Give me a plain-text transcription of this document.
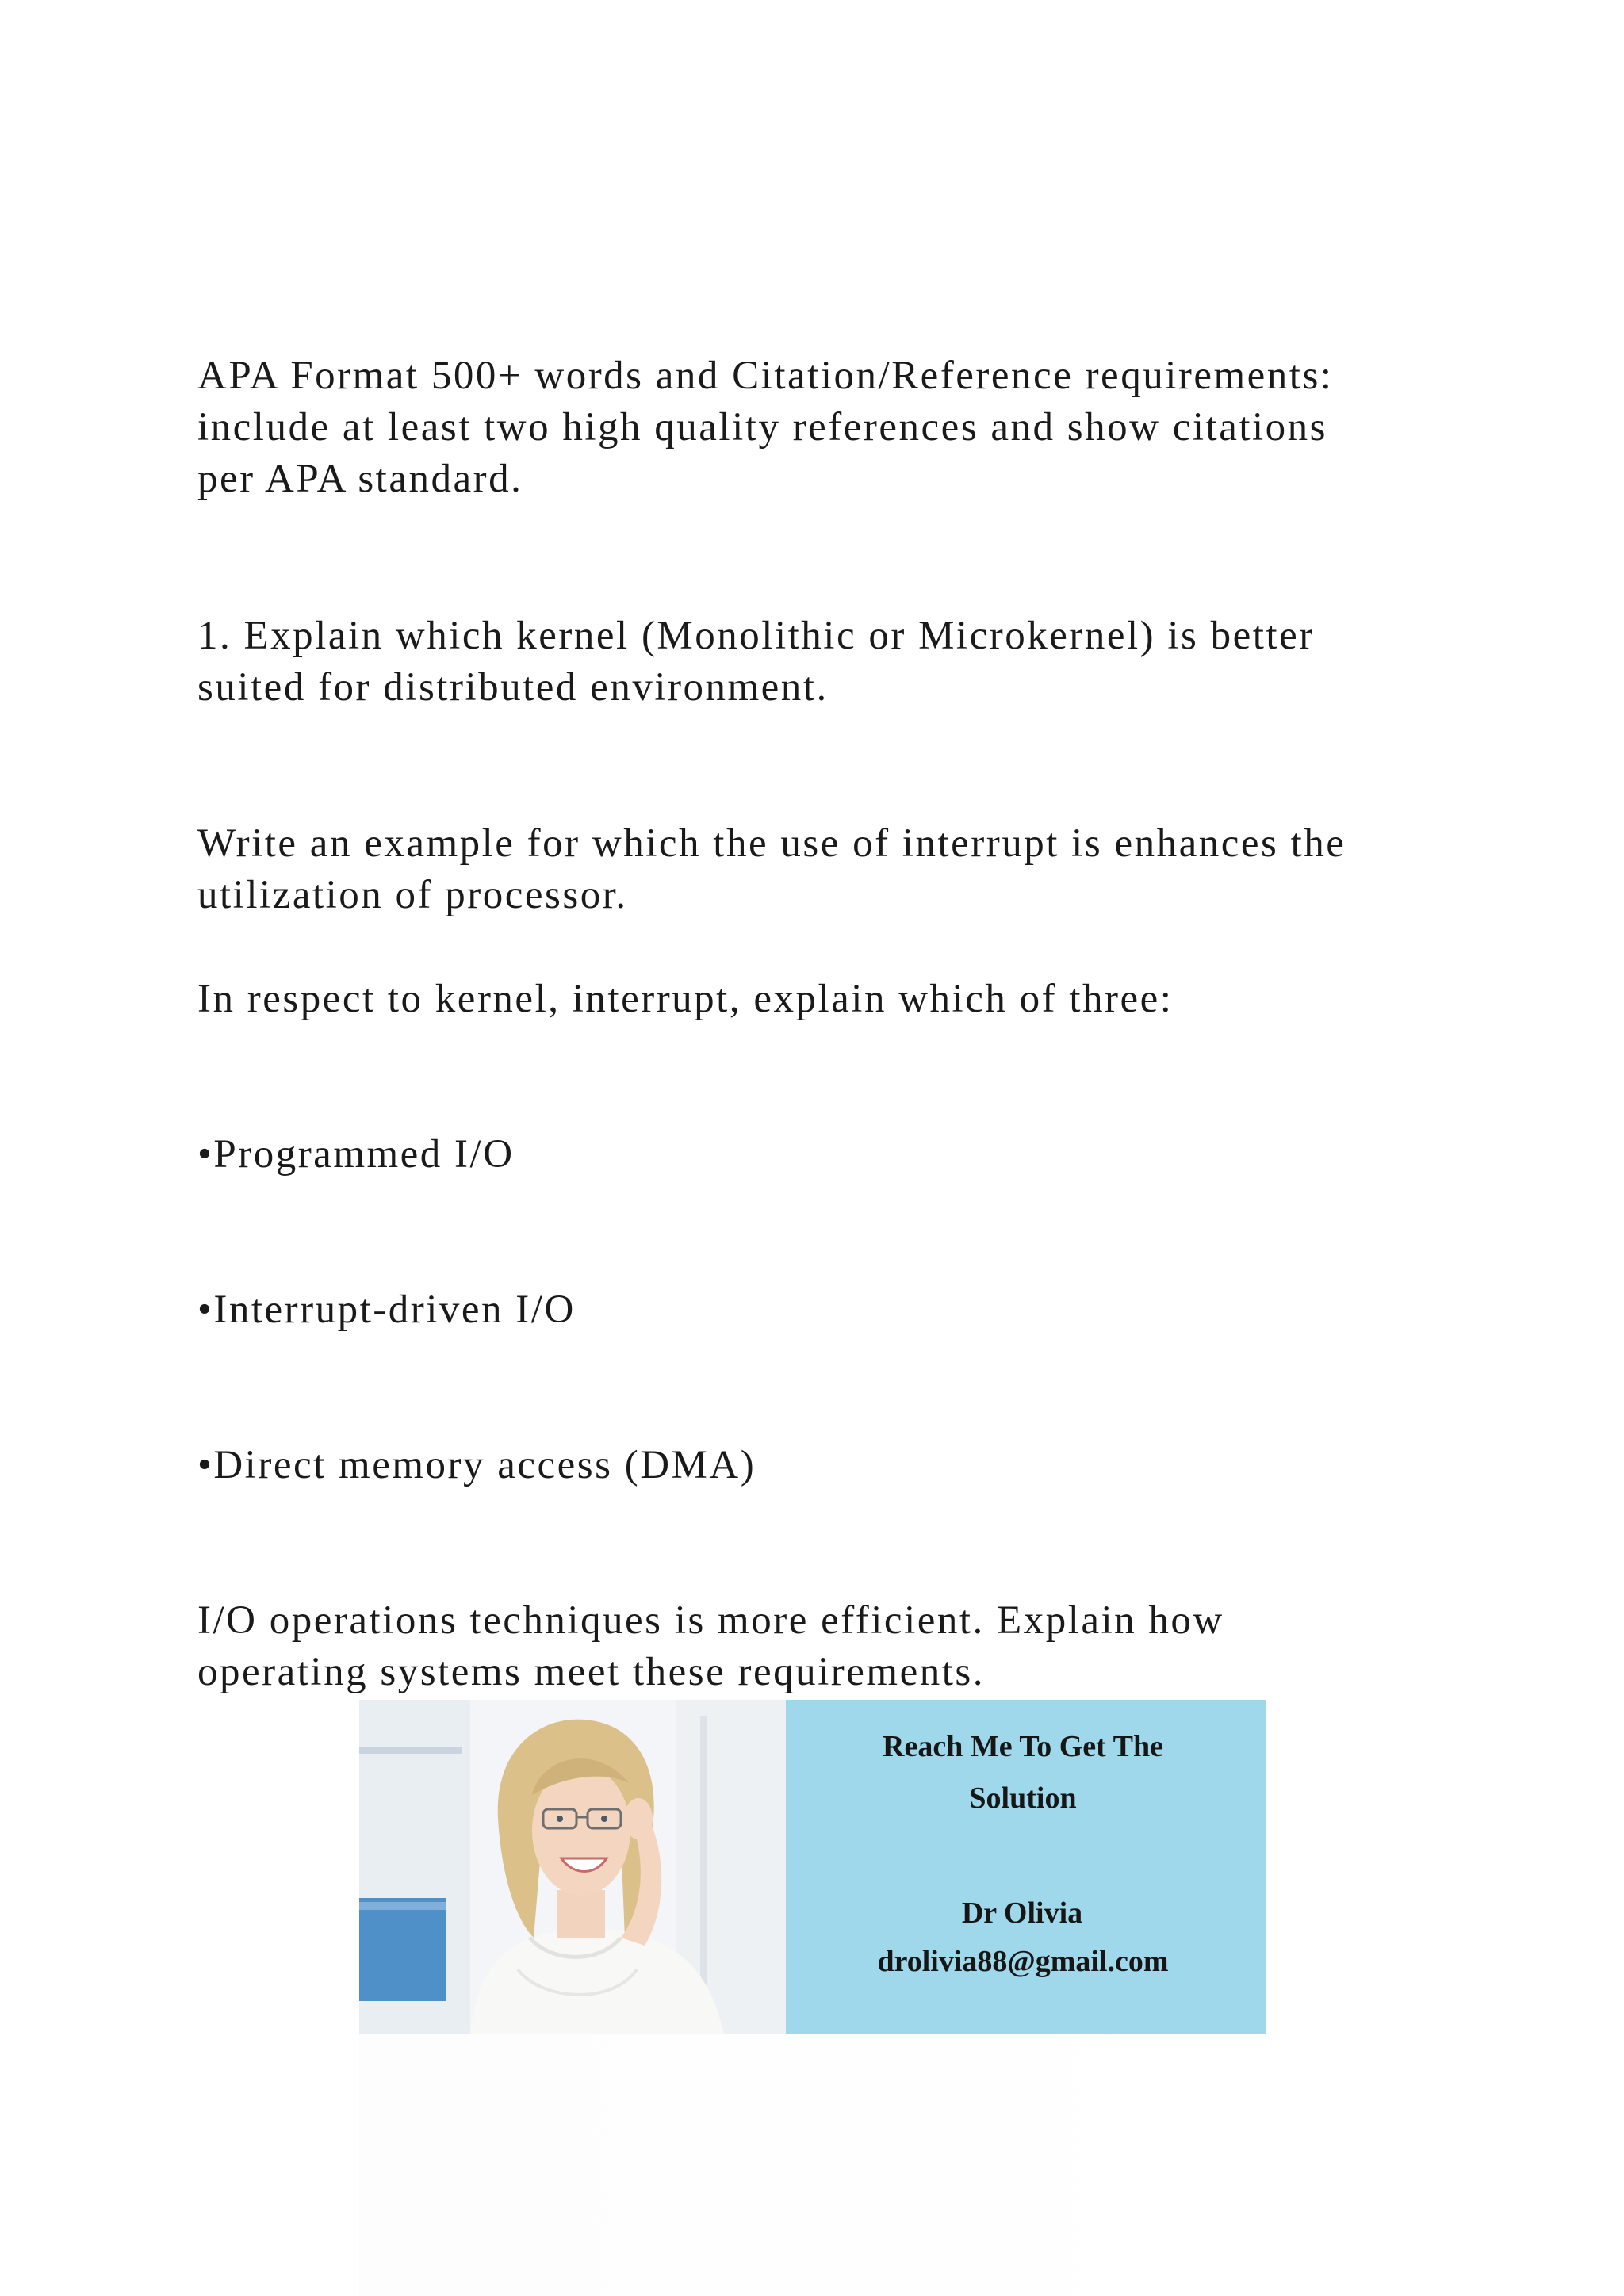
APA Format 500+ words and Citation/Reference requirements:
include at least two high quality references and show citations
per APA standard.
1. Explain which kernel (Monolithic or Microkernel) is better
suited for distributed environment.
Write an example for which the use of interrupt is enhances the
utilization of processor.
In respect to kernel, interrupt, explain which of three:
•Programmed I/O
•Interrupt-driven I/O
•Direct memory access (DMA)
I/O operations techniques is more efficient. Explain how
operating systems meet these requirements.
Reach Me To Get The
Solution
Dr Olivia
drolivia88@gmail.com
